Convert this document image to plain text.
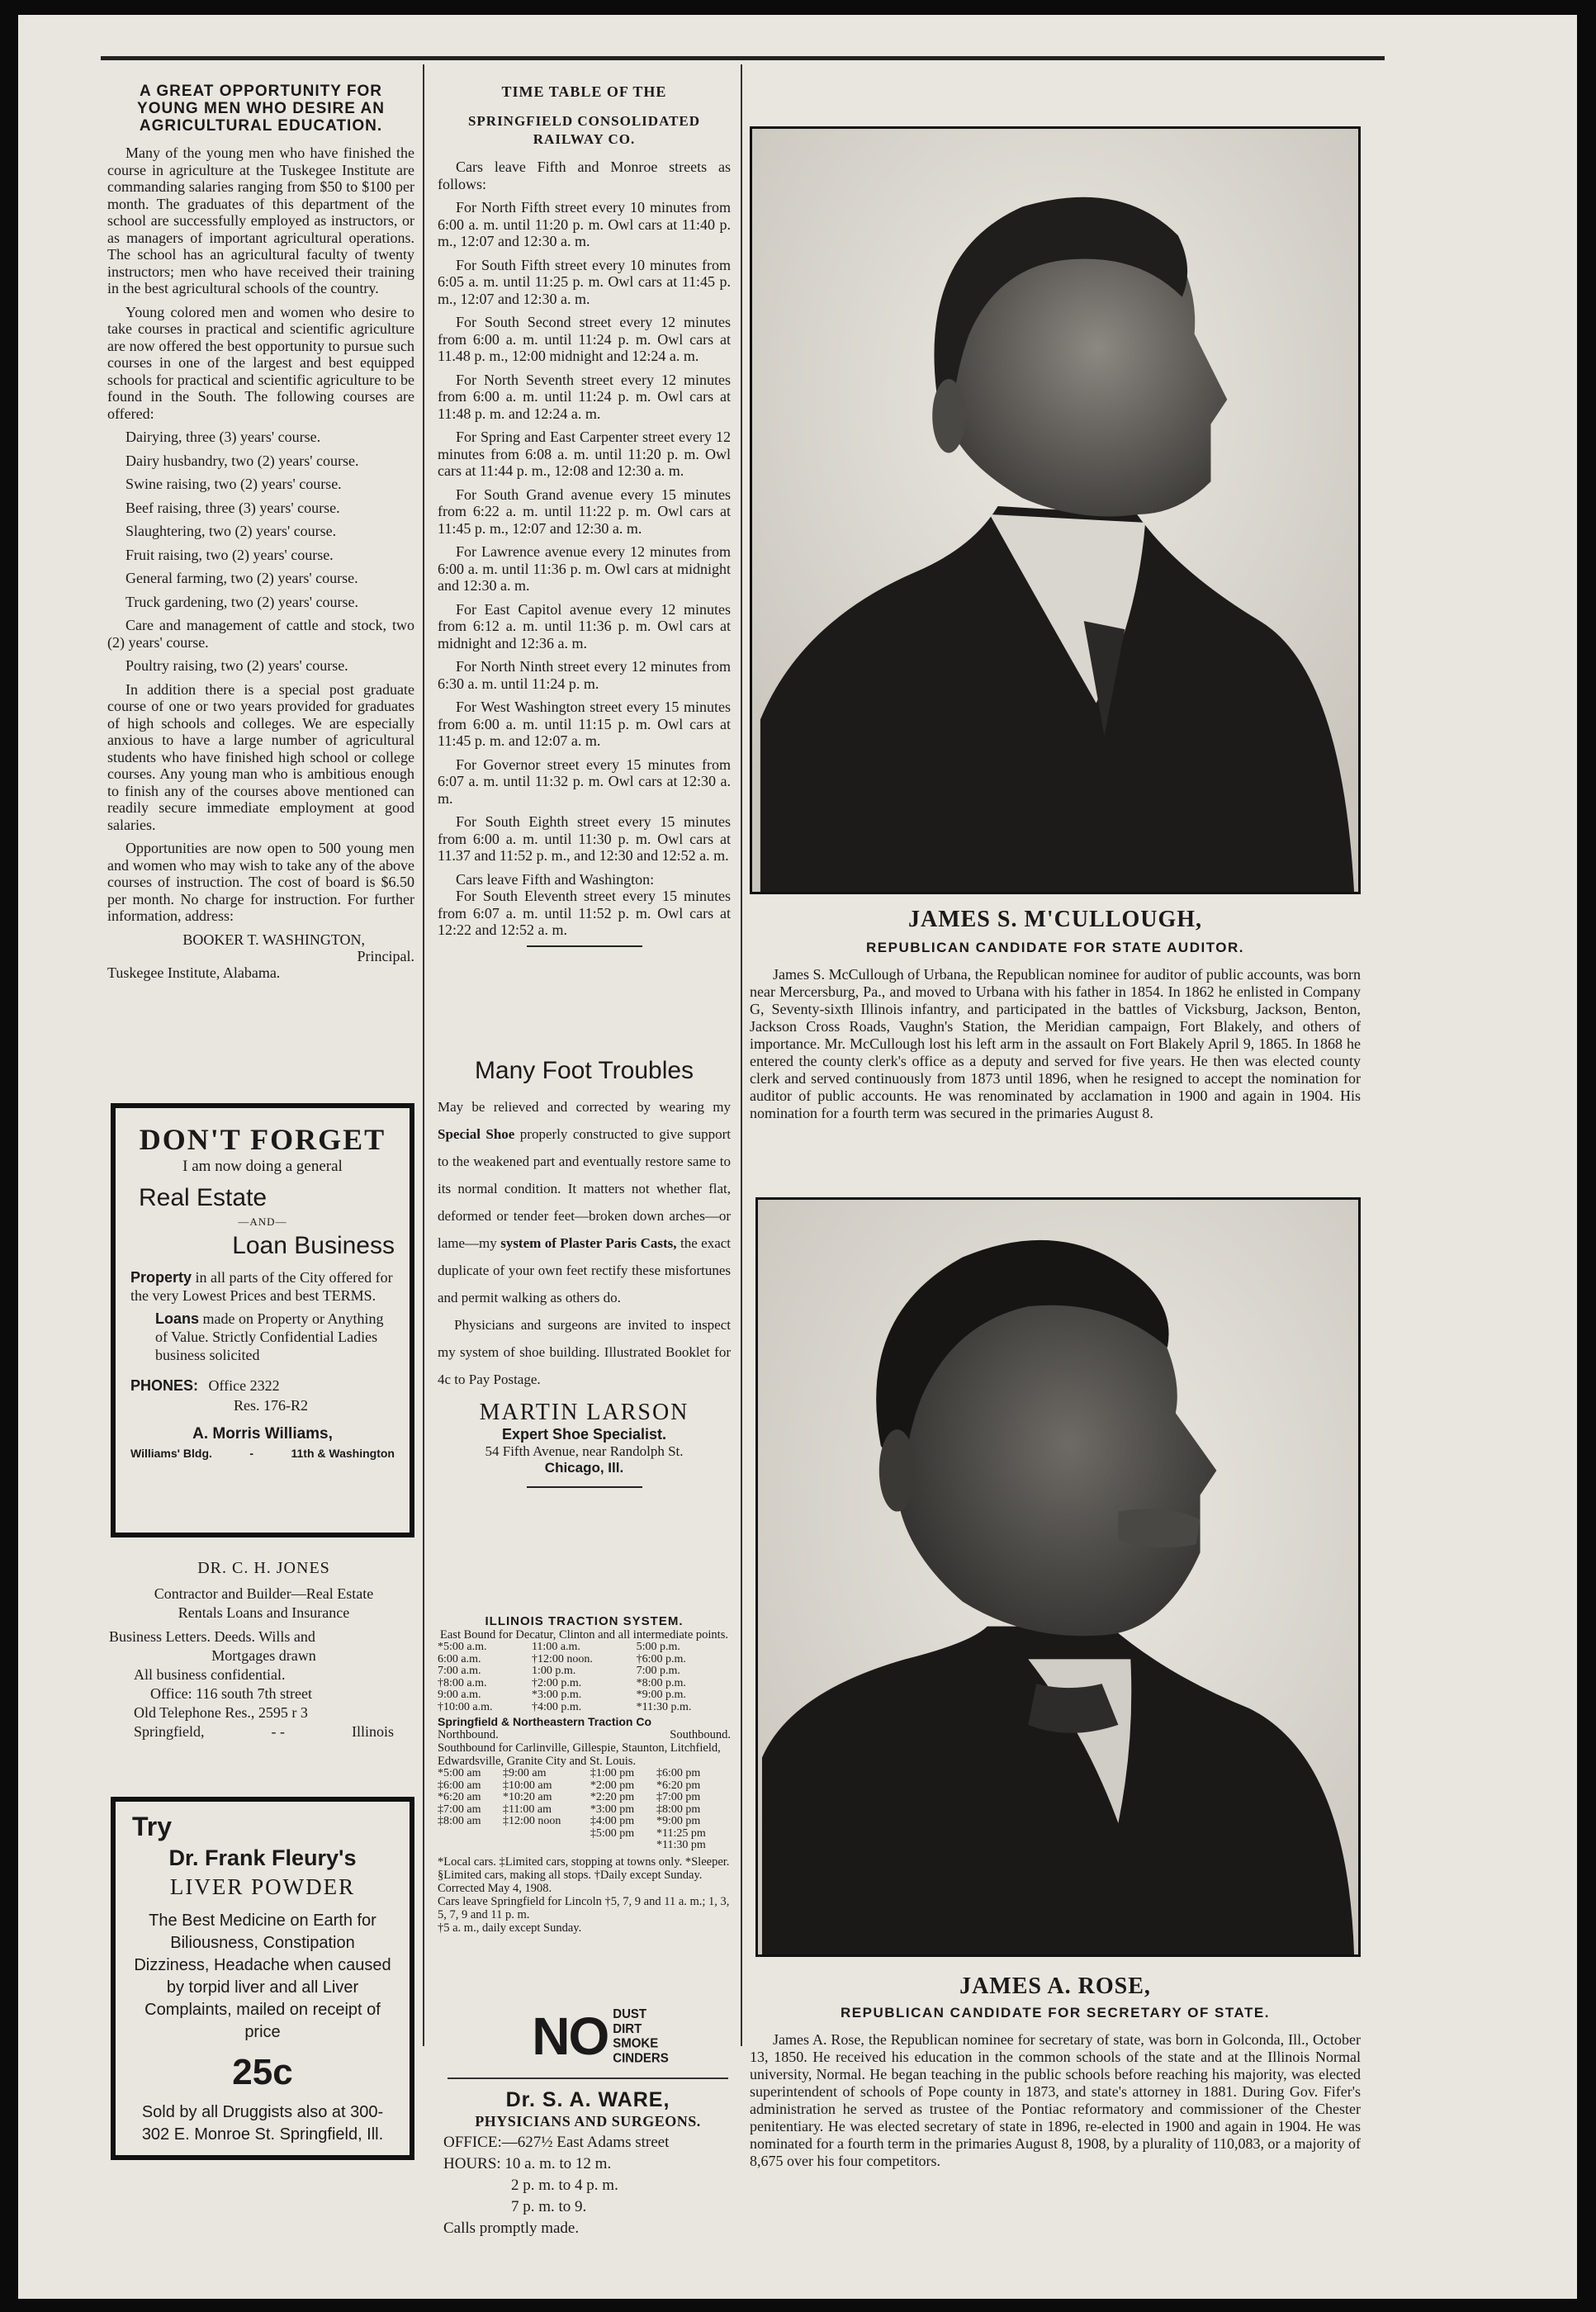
A GREAT OPPORTUNITY FOR YOUNG MEN WHO DESIRE AN AGRICULTURAL EDUCATION.

Many of the young men who have finished the course in agriculture at the Tuskegee Institute are commanding salaries ranging from $50 to $100 per month. The graduates of this department of the school are successfully employed as instructors, or as managers of important agricultural operations. The school has an agricultural faculty of twenty instructors; men who have received their training in the best agricultural schools of the country.

Young colored men and women who desire to take courses in practical and scientific agriculture are now offered the best opportunity to pursue such courses in one of the largest and best equipped schools for practical and scientific agriculture to be found in the South. The following courses are offered:

Dairying, three (3) years' course.

Dairy husbandry, two (2) years' course.

Swine raising, two (2) years' course.

Beef raising, three (3) years' course.

Slaughtering, two (2) years' course.

Fruit raising, two (2) years' course.

General farming, two (2) years' course.

Truck gardening, two (2) years' course.

Care and management of cattle and stock, two (2) years' course.

Poultry raising, two (2) years' course.

In addition there is a special post graduate course of one or two years provided for graduates of high schools and colleges. We are especially anxious to have a large number of agricultural students who have finished high school or college courses. Any young man who is ambitious enough to finish any of the courses above mentioned can readily secure immediate employment at good salaries.

Opportunities are now open to 500 young men and women who may wish to take any of the above courses of instruction. The cost of board is $6.50 per month. No charge for instruction. For further information, address:

BOOKER T. WASHINGTON,
Principal.
Tuskegee Institute, Alabama.
DON'T FORGET
I am now doing a general
Real Estate
—AND—
Loan Business
Property in all parts of the City offered for the very Lowest Prices and best TERMS.
Loans made on Property or Anything of Value. Strictly Confidential Ladies business solicited
PHONES: Office 2322
Res. 176-R2
A. Morris Williams,
Williams' Bldg.	-	11th & Washington
DR. C. H. JONES
Contractor and Builder—Real Estate
Rentals Loans and Insurance
Business Letters. Deeds. Wills and
Mortgages drawn
All business confidential.
Office: 116 south 7th street
Old Telephone Res., 2595 r 3
Springfield,	- -	Illinois
Try
Dr. Frank Fleury's
LIVER POWDER
The Best Medicine on Earth for Biliousness, Constipation Dizziness, Headache when caused by torpid liver and all Liver Complaints, mailed on receipt of price
25c
Sold by all Druggists also at 300-302 E. Monroe St. Springfield, Ill.
TIME TABLE OF THE
SPRINGFIELD CONSOLIDATED RAILWAY CO.

Cars leave Fifth and Monroe streets as follows:

For North Fifth street every 10 minutes from 6:00 a. m. until 11:20 p. m. Owl cars at 11:40 p. m., 12:07 and 12:30 a. m.

For South Fifth street every 10 minutes from 6:05 a. m. until 11:25 p. m. Owl cars at 11:45 p. m., 12:07 and 12:30 a. m.

For South Second street every 12 minutes from 6:00 a. m. until 11:24 p. m. Owl cars at 11.48 p. m., 12:00 midnight and 12:24 a. m.

For North Seventh street every 12 minutes from 6:00 a. m. until 11:24 p. m. Owl cars at 11:48 p. m. and 12:24 a. m.

For Spring and East Carpenter street every 12 minutes from 6:08 a. m. until 11:20 p. m. Owl cars at 11:44 p. m., 12:08 and 12:30 a. m.

For South Grand avenue every 15 minutes from 6:22 a. m. until 11:22 p. m. Owl cars at 11:45 p. m., 12:07 and 12:30 a. m.

For Lawrence avenue every 12 minutes from 6:00 a. m. until 11:36 p. m. Owl cars at midnight and 12:30 a. m.

For East Capitol avenue every 12 minutes from 6:12 a. m. until 11:36 p. m. Owl cars at midnight and 12:36 a. m.

For North Ninth street every 12 minutes from 6:30 a. m. until 11:24 p. m.

For West Washington street every 15 minutes from 6:00 a. m. until 11:15 p. m. Owl cars at 11:45 p. m. and 12:07 a. m.

For Governor street every 15 minutes from 6:07 a. m. until 11:32 p. m. Owl cars at 12:30 a. m.

For South Eighth street every 15 minutes from 6:00 a. m. until 11:30 p. m. Owl cars at 11.37 and 11:52 p. m., and 12:30 and 12:52 a. m.

Cars leave Fifth and Washington:

For South Eleventh street every 15 minutes from 6:07 a. m. until 11:52 p. m. Owl cars at 12:22 and 12:52 a. m.

Many Foot Troubles
May be relieved and corrected by wearing my Special Shoe properly constructed to give support to the weakened part and eventually restore same to its normal condition. It matters not whether flat, deformed or tender feet—broken down arches—or lame—my system of Plaster Paris Casts, the exact duplicate of your own feet rectify these misfortunes and permit walking as others do.
Physicians and surgeons are invited to inspect my system of shoe building. Illustrated Booklet for 4c to Pay Postage.
MARTIN LARSON
Expert Shoe Specialist.
54 Fifth Avenue, near Randolph St.
Chicago, Ill.
ILLINOIS TRACTION SYSTEM.
East Bound for Decatur, Clinton and all intermediate points.
*5:00 a.m.	11:00 a.m.	5:00 p.m.
6:00 a.m.	†12:00 noon.	†6:00 p.m.
7:00 a.m.	1:00 p.m.	7:00 p.m.
†8:00 a.m.	†2:00 p.m.	*8:00 p.m.
9:00 a.m.	*3:00 p.m.	*9:00 p.m.
†10:00 a.m.	†4:00 p.m.	*11:30 p.m.
Springfield & Northeastern Traction Co
Northbound.	Southbound.
Southbound for Carlinville, Gillespie, Staunton, Litchfield, Edwardsville, Granite City and St. Louis.
*5:00 am	‡9:00 am	‡1:00 pm	‡6:00 pm
‡6:00 am	‡10:00 am	*2:00 pm	*6:20 pm
*6:20 am	*10:20 am	*2:20 pm	‡7:00 pm
‡7:00 am	‡11:00 am	*3:00 pm	‡8:00 pm
‡8:00 am	‡12:00 noon	‡4:00 pm	*9:00 pm
		‡5:00 pm	*11:25 pm
			*11:30 pm
*Local cars. ‡Limited cars, stopping at towns only. *Sleeper. §Limited cars, making all stops. †Daily except Sunday.
Corrected May 4, 1908.
Cars leave Springfield for Lincoln †5, 7, 9 and 11 a. m.; 1, 3, 5, 7, 9 and 11 p. m.
†5 a. m., daily except Sunday.
NO DUST
DIRT
SMOKE
CINDERS
Dr. S. A. WARE,
PHYSICIANS AND SURGEONS.
OFFICE:—627½ East Adams street
HOURS: 10 a. m. to 12 m.
2 p. m. to 4 p. m.
7 p. m. to 9.
Calls promptly made.
JAMES S. M'CULLOUGH,
REPUBLICAN CANDIDATE FOR STATE AUDITOR.

James S. McCullough of Urbana, the Republican nominee for auditor of public accounts, was born near Mercersburg, Pa., and moved to Urbana with his father in 1854. In 1862 he enlisted in Company G, Seventy-sixth Illinois infantry, and participated in the battles of Vicksburg, Jackson, Benton, Jackson Cross Roads, Vaughn's Station, the Meridian campaign, Fort Blakely, and others of importance. Mr. McCullough lost his left arm in the assault on Fort Blakely April 9, 1865. In 1868 he entered the county clerk's office as a deputy and served for five years. He then was elected county clerk and served continuously from 1873 until 1896, when he resigned to accept the nomination for auditor of public accounts. He was renominated by acclamation in 1900 and again in 1904. His nomination for a fourth term was secured in the primaries August 8.

JAMES A. ROSE,
REPUBLICAN CANDIDATE FOR SECRETARY OF STATE.

James A. Rose, the Republican nominee for secretary of state, was born in Golconda, Ill., October 13, 1850. He received his education in the common schools of the state and at the Illinois Normal university, Normal. He began teaching in the public schools before reaching his majority, was elected superintendent of schools of Pope county in 1873, and state's attorney in 1881. During Gov. Fifer's administration he served as trustee of the Pontiac reformatory and commissioner of the Chester penitentiary. He was elected secretary of state in 1896, re-elected in 1900 and again in 1904. He was nominated for a fourth term in the primaries August 8, 1908, by a plurality of 110,083, or a majority of 8,675 over his four competitors.
